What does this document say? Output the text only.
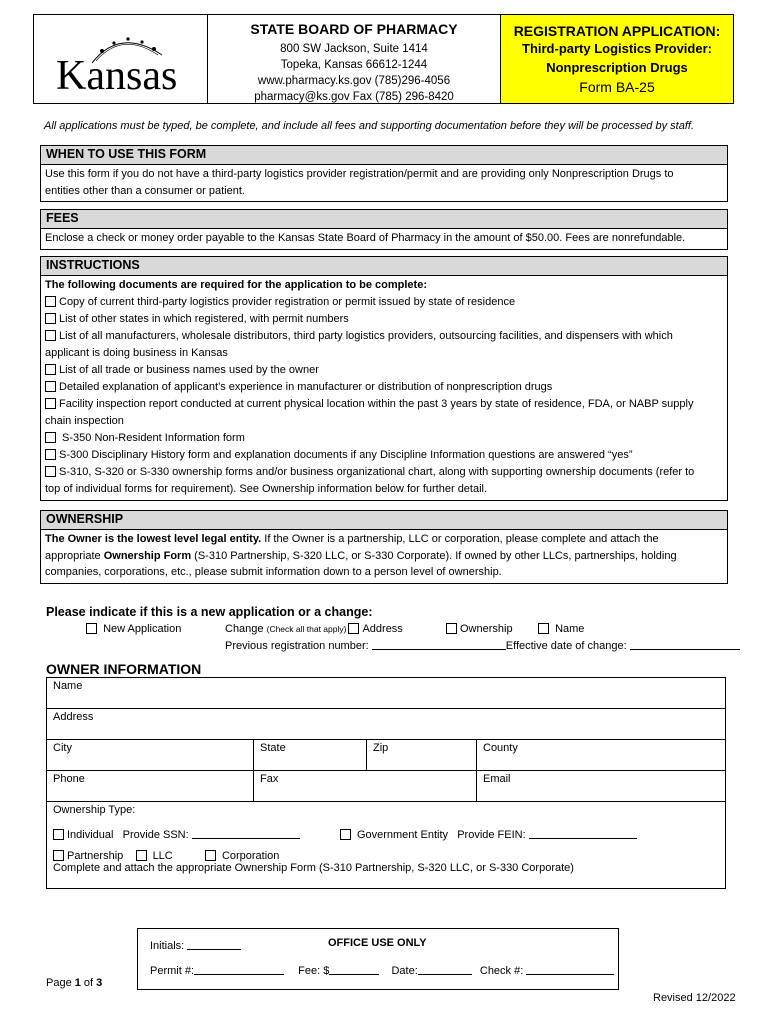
Kansas
STATE BOARD OF PHARMACY
800 SW Jackson, Suite 1414
Topeka, Kansas 66612-1244
www.pharmacy.ks.gov (785)296-4056
pharmacy@ks.gov Fax (785) 296-8420
REGISTRATION APPLICATION:
Third-party Logistics Provider:
Nonprescription Drugs
Form BA-25
All applications must be typed, be complete, and include all fees and supporting documentation before they will be processed by staff.
WHEN TO USE THIS FORM
Use this form if you do not have a third-party logistics provider registration/permit and are providing only Nonprescription Drugs to
entities other than a consumer or patient.
FEES
Enclose a check or money order payable to the Kansas State Board of Pharmacy in the amount of $50.00. Fees are nonrefundable.
INSTRUCTIONS
The following documents are required for the application to be complete:
Copy of current third-party logistics provider registration or permit issued by state of residence
List of other states in which registered, with permit numbers
List of all manufacturers, wholesale distributors, third party logistics providers, outsourcing facilities, and dispensers with which
applicant is doing business in Kansas
List of all trade or business names used by the owner
Detailed explanation of applicant’s experience in manufacturer or distribution of nonprescription drugs
Facility inspection report conducted at current physical location within the past 3 years by state of residence, FDA, or NABP supply
chain inspection
S-350 Non-Resident Information form
S-300 Disciplinary History form and explanation documents if any Discipline Information questions are answered “yes”
S-310, S-320 or S-330 ownership forms and/or business organizational chart, along with supporting ownership documents (refer to
top of individual forms for requirement). See Ownership information below for further detail.
OWNERSHIP
The Owner is the lowest level legal entity. If the Owner is a partnership, LLC or corporation, please complete and attach the
appropriate Ownership Form (S-310 Partnership, S-320 LLC, or S-330 Corporate). If owned by other LLCs, partnerships, holding
companies, corporations, etc., please submit information down to a person level of ownership.
Please indicate if this is a new application or a change:
New Application	Change (Check all that apply) Address	Ownership	Name
Previous registration number:	Effective date of change:
OWNER INFORMATION
Name			
Address			
City	State	Zip	County
Phone	Fax		Email

Ownership Type:
Individual Provide SSN: Government Entity Provide FEIN:
Partnership LLC Corporation
Complete and attach the appropriate Ownership Form (S-310 Partnership, S-320 LLC, or S-330 Corporate)			
Initials:	OFFICE USE ONLY
Permit #:	Fee: $	Date:	Check #:
Page 1 of 3
Revised 12/2022
